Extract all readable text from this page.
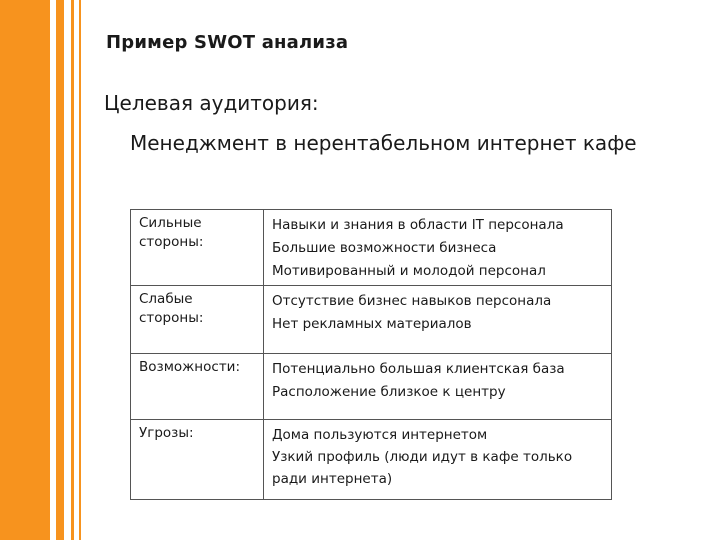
Пример SWOT анализа
Целевая аудитория:
Менеджмент в нерентабельном интернет кафе
Сильные стороны:	Навыки и знания в области IT персонала
Большие возможности бизнеса
Мотивированный и молодой персонал

Слабые стороны:	Отсутствие бизнес навыков персонала
Нет рекламных материалов

Возможности:	Потенциально большая клиентская база
Расположение близкое к центру

Угрозы:	Дома пользуются интернетом
Узкий профиль (люди идут в кафе только ради интернета)
